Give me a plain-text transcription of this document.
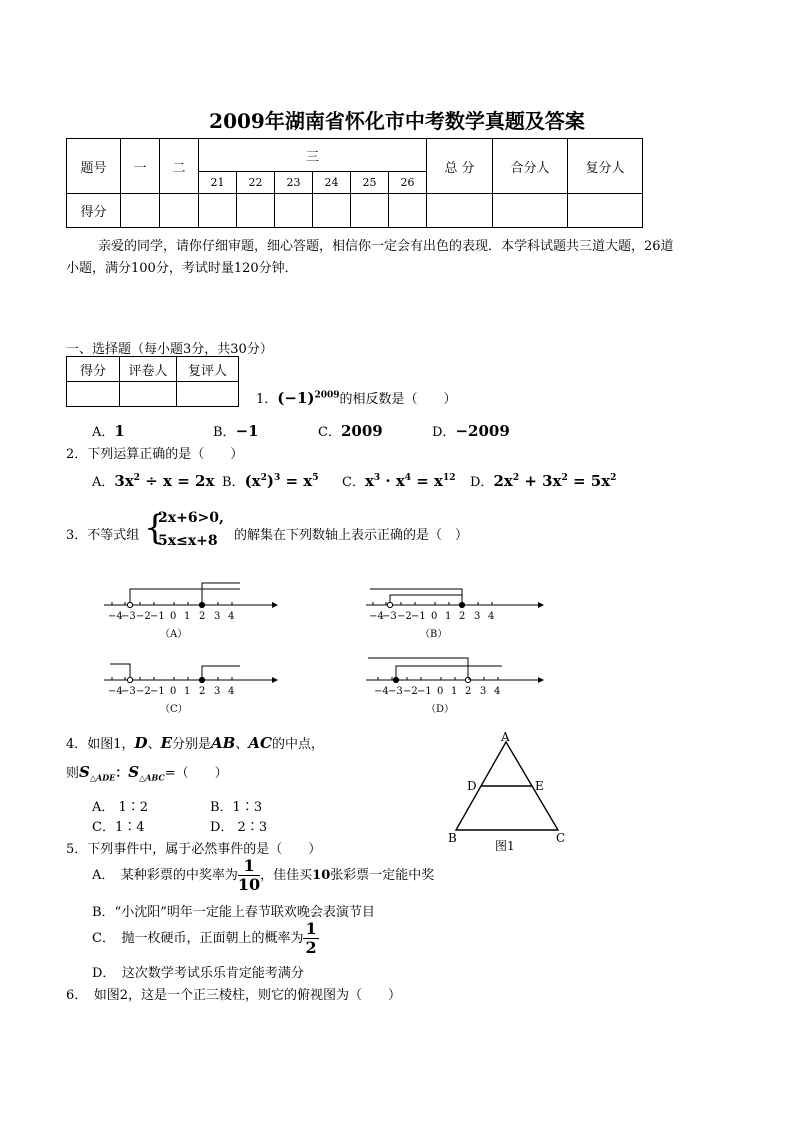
2009年湖南省怀化市中考数学真题及答案
题号	一	二	三						总 分	合分人	复分人
			21	22	23	24	25	26			
得分											
亲爱的同学，请你仔细审题，细心答题，相信你一定会有出色的表现．本学科试题共三道大题，26道
小题，满分100分，考试时量120分钟．
一、选择题（每小题3分，共30分）
得分	评卷人	复评人

1．$(-1)^{2009}$的相反数是（　　）
A．1	B．−1	C．2009	D．−2009
2．下列运算正确的是（　　）
A．$3x^2 \div x = 2x$ B．$(x^2)^3 = x^5$ C．$x^3 \cdot x^4 = x^{12}$ D．$2x^2 + 3x^2 = 5x^2$
3．不等式组 {
2x+6>0,
5x≤x+8 的解集在下列数轴上表示正确的是（　）
−4
−3 −2 −1 0 1 2 3 4
（A）
−4
−3 −2 −1 0 1 2 3 4
（B）
−4
−3 −2 −1 0 1 2 3 4
（C）
−4 −3 −2 −1 0 1 2 3 4
（D）
4．如图1，D、E分别是AB、AC的中点，
则$S_{\triangle ADE}$：$S_{\triangle ABC}=$（　　）
A． 1∶2	B．1∶3
C．1∶4	D． 2∶3
A
D	E
B	C
图1
5．下列事件中，属于必然事件的是（　　）
A．　某种彩票的中奖率为 $\frac{1}{10}$ ，佳佳买10张彩票一定能中奖
B．“小沈阳”明年一定能上春节联欢晚会表演节目
C．　抛一枚硬币，正面朝上的概率为 $\frac{1}{2}$
D．　这次数学考试乐乐肯定能考满分
6．　如图2，这是一个正三棱柱，则它的俯视图为（　　）
